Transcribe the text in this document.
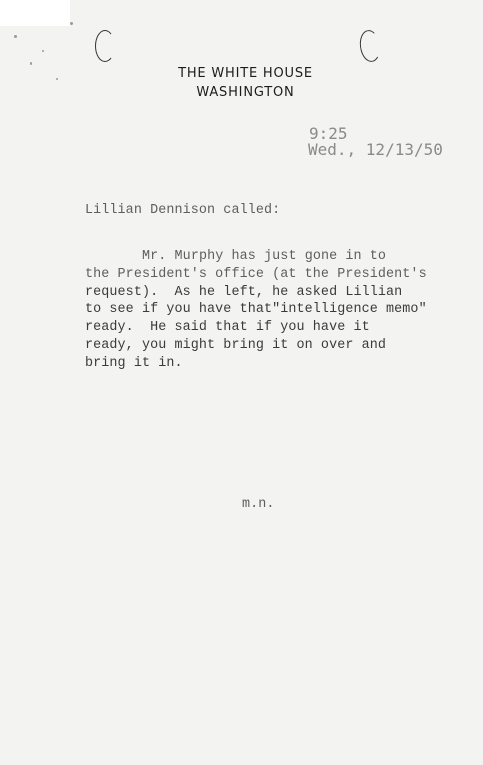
THE WHITE HOUSE
WASHINGTON
9:25
Wed., 12/13/50
Lillian Dennison called:
Mr. Murphy has just gone in to
the President's office (at the President's
request).  As he left, he asked Lillian
to see if you have that"intelligence memo"
ready.  He said that if you have it
ready, you might bring it on over and
bring it in.
m.n.
